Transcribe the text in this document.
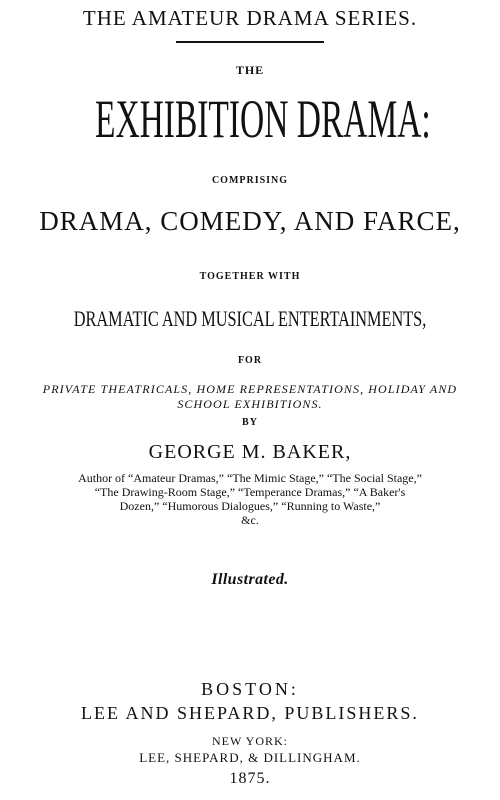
THE AMATEUR DRAMA SERIES.
THE
EXHIBITION DRAMA:
COMPRISING
DRAMA, COMEDY, AND FARCE,
TOGETHER WITH
DRAMATIC AND MUSICAL ENTERTAINMENTS,
FOR
PRIVATE THEATRICALS, HOME REPRESENTATIONS, HOLIDAY AND
SCHOOL EXHIBITIONS.
BY
GEORGE M. BAKER,
Author of “Amateur Dramas,” “The Mimic Stage,” “The Social Stage,”
“The Drawing-Room Stage,” “Temperance Dramas,” “A Baker's
Dozen,” “Humorous Dialogues,” “Running to Waste,”
&c.
Illustrated.
BOSTON:
LEE AND SHEPARD, PUBLISHERS.
NEW YORK:
LEE, SHEPARD, & DILLINGHAM.
1875.
